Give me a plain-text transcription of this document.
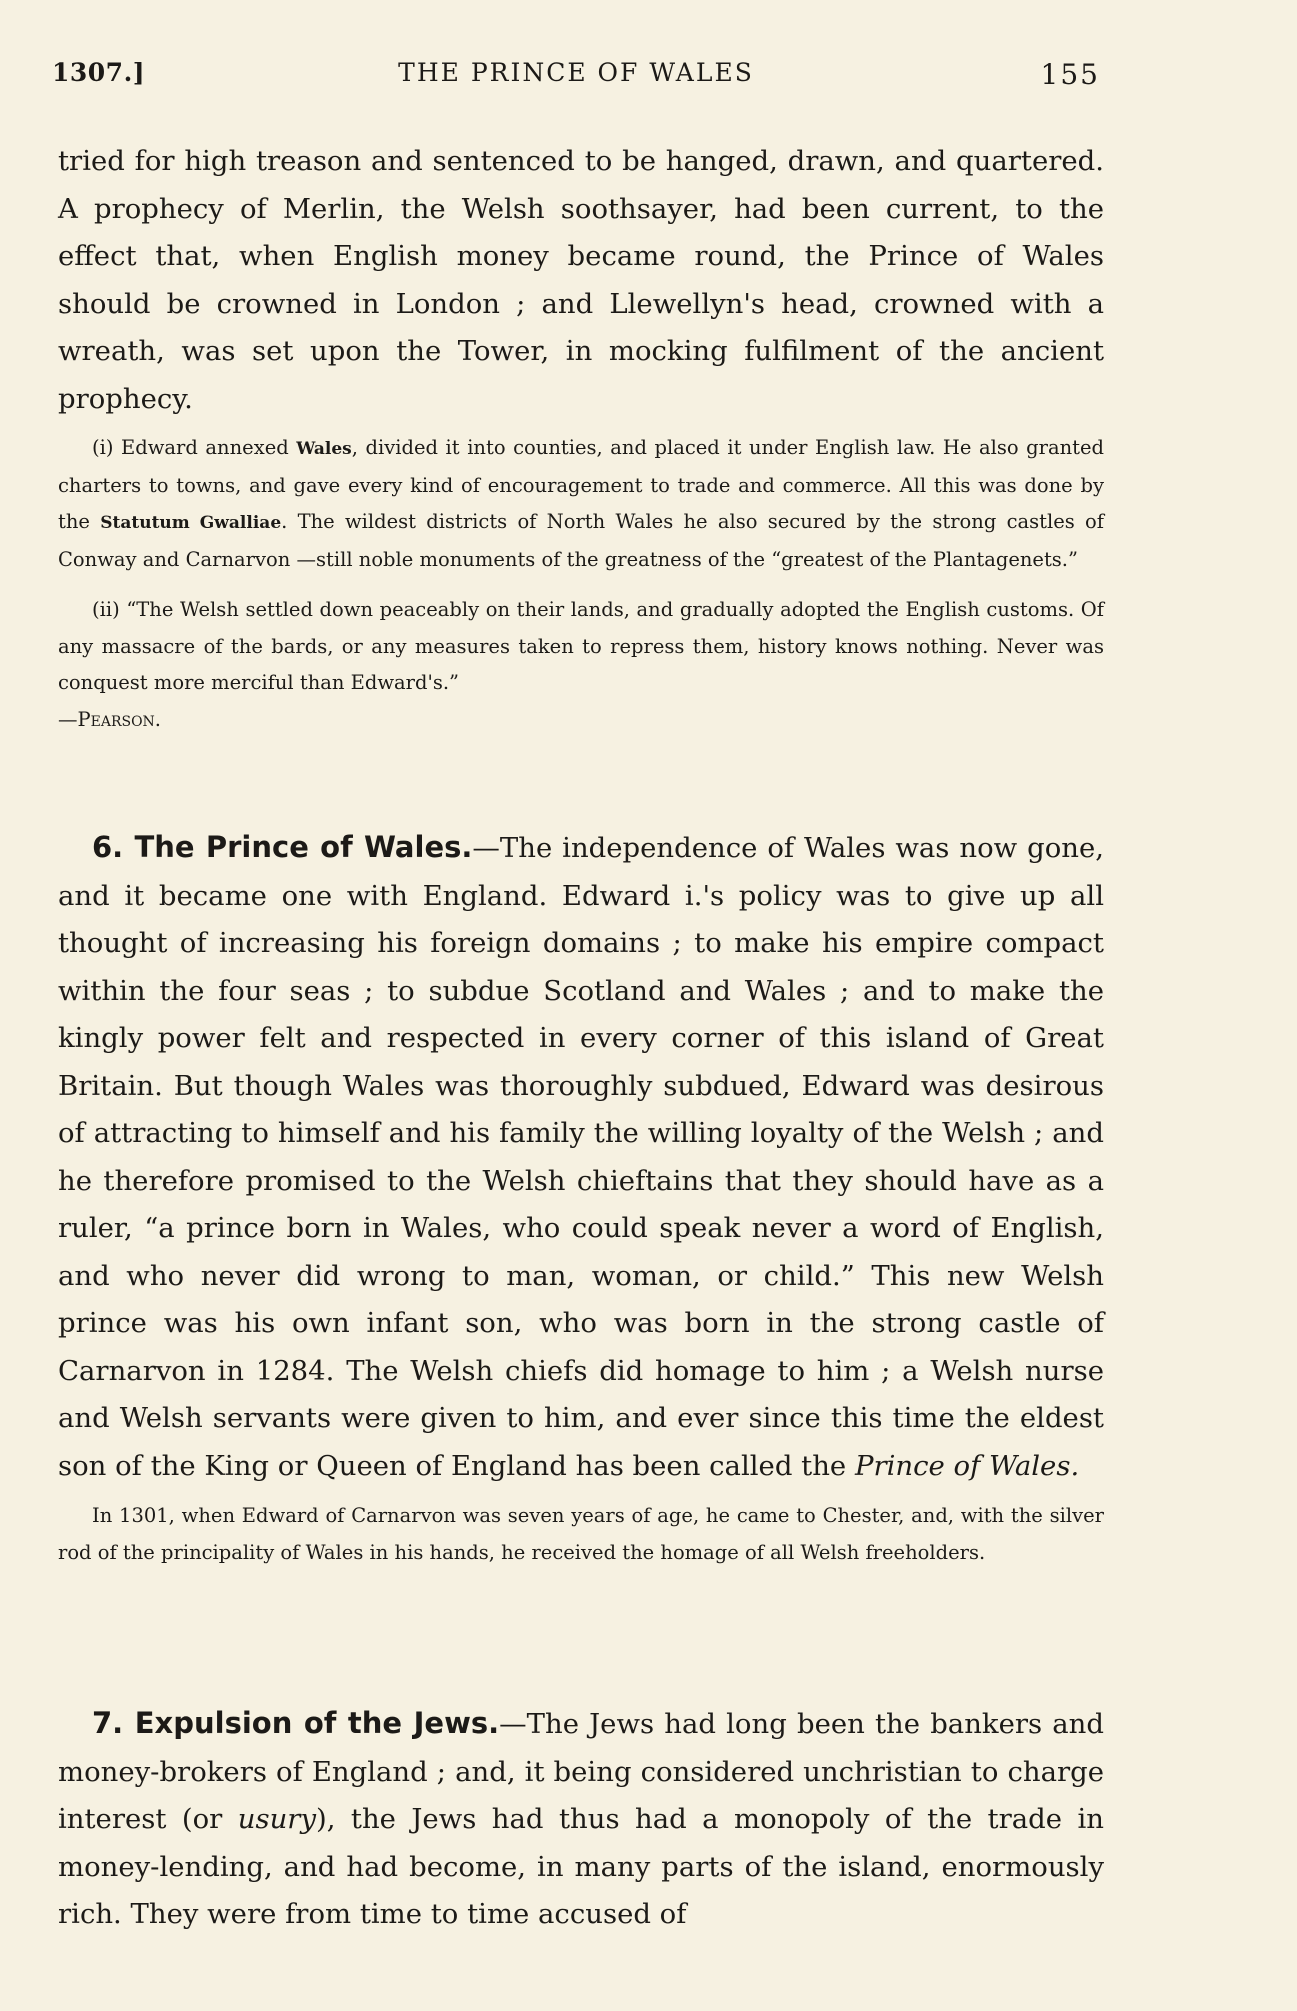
1307.]	THE PRINCE OF WALES	155

tried for high treason and sentenced to be hanged, drawn, and quartered. A prophecy of Merlin, the Welsh soothsayer, had been current, to the effect that, when English money became round, the Prince of Wales should be crowned in London ; and Llewellyn's head, crowned with a wreath, was set upon the Tower, in mocking fulfilment of the ancient prophecy.

(i) Edward annexed Wales, divided it into counties, and placed it under English law. He also granted charters to towns, and gave every kind of encouragement to trade and commerce. All this was done by the Statutum Gwalliae. The wildest districts of North Wales he also secured by the strong castles of Conway and Carnarvon —still noble monuments of the greatness of the “greatest of the Plantagenets.”

(ii) “The Welsh settled down peaceably on their lands, and gradually adopted the English customs. Of any massacre of the bards, or any measures taken to repress them, history knows nothing. Never was conquest more merciful than Edward's.”
—Pearson.

6. The Prince of Wales.—The independence of Wales was now gone, and it became one with England. Edward i.'s policy was to give up all thought of increasing his foreign domains ; to make his empire compact within the four seas ; to subdue Scotland and Wales ; and to make the kingly power felt and respected in every corner of this island of Great Britain. But though Wales was thoroughly subdued, Edward was desirous of attracting to himself and his family the willing loyalty of the Welsh ; and he therefore promised to the Welsh chieftains that they should have as a ruler, “a prince born in Wales, who could speak never a word of English, and who never did wrong to man, woman, or child.” This new Welsh prince was his own infant son, who was born in the strong castle of Carnarvon in 1284. The Welsh chiefs did homage to him ; a Welsh nurse and Welsh servants were given to him, and ever since this time the eldest son of the King or Queen of England has been called the Prince of Wales.

In 1301, when Edward of Carnarvon was seven years of age, he came to Chester, and, with the silver rod of the principality of Wales in his hands, he received the homage of all Welsh freeholders.

7. Expulsion of the Jews.—The Jews had long been the bankers and money-brokers of England ; and, it being considered unchristian to charge interest (or usury), the Jews had thus had a monopoly of the trade in money-lending, and had become, in many parts of the island, enormously rich. They were from time to time accused of
